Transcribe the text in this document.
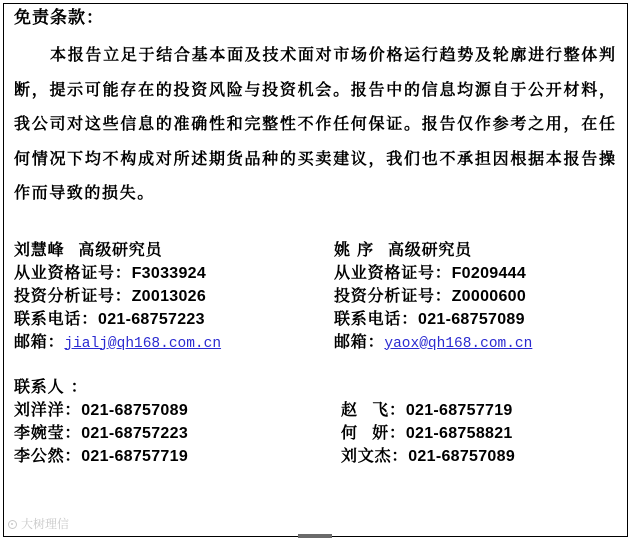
免责条款：
本报告立足于结合基本面及技术面对市场价格运行趋势及轮廓进行整体判
断，提示可能存在的投资风险与投资机会。报告中的信息均源自于公开材料，
我公司对这些信息的准确性和完整性不作任何保证。报告仅作参考之用，在任
何情况下均不构成对所述期货品种的买卖建议，我们也不承担因根据本报告操
作而导致的损失。
刘慧峰 高级研究员
从业资格证号：F3033924
投资分析证号：Z0013026
联系电话：021-68757223
邮箱：jialj@qh168.com.cn
姚 序 高级研究员
从业资格证号：F0209444
投资分析证号：Z0000600
联系电话：021-68757089
邮箱：yaox@qh168.com.cn
联系人 ：
刘洋洋：021-68757089
李婉莹：021-68757223
李公然：021-68757719
赵 飞：021-68757719
何 妍：021-68758821
刘文杰：021-68757089
大树理信
